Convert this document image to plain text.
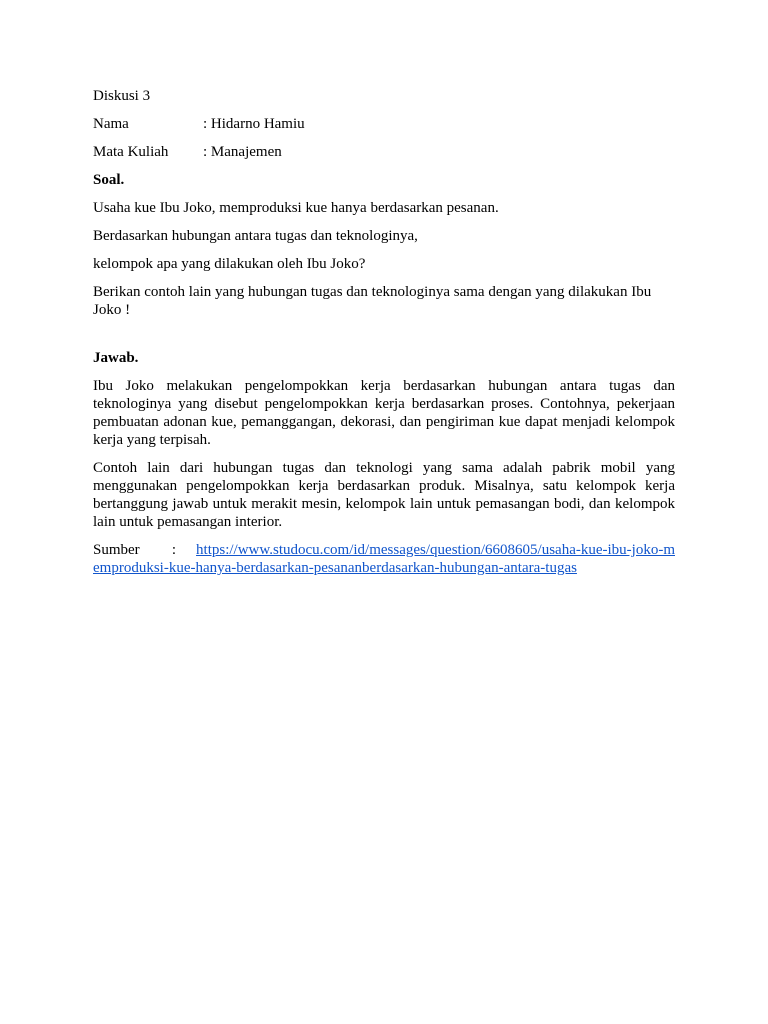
Diskusi 3

Nama	: Hidarno Hamiu
Mata Kuliah	: Manajemen

Soal.

Usaha kue Ibu Joko, memproduksi kue hanya berdasarkan pesanan.

Berdasarkan hubungan antara tugas dan teknologinya,

kelompok apa yang dilakukan oleh Ibu Joko?

Berikan contoh lain yang hubungan tugas dan teknologinya sama dengan yang dilakukan Ibu Joko !

Jawab.

Ibu Joko melakukan pengelompokkan kerja berdasarkan hubungan antara tugas dan teknologinya yang disebut pengelompokkan kerja berdasarkan proses. Contohnya, pekerjaan pembuatan adonan kue, pemanggangan, dekorasi, dan pengiriman kue dapat menjadi kelompok kerja yang terpisah.

Contoh lain dari hubungan tugas dan teknologi yang sama adalah pabrik mobil yang menggunakan pengelompokkan kerja berdasarkan produk. Misalnya, satu kelompok kerja bertanggung jawab untuk merakit mesin, kelompok lain untuk pemasangan bodi, dan kelompok lain untuk pemasangan interior.

Sumber : https://www.studocu.com/id/messages/question/6608605/usaha-kue-ibu-joko-memproduksi-kue-hanya-berdasarkan-pesananberdasarkan-hubungan-antara-tugas
